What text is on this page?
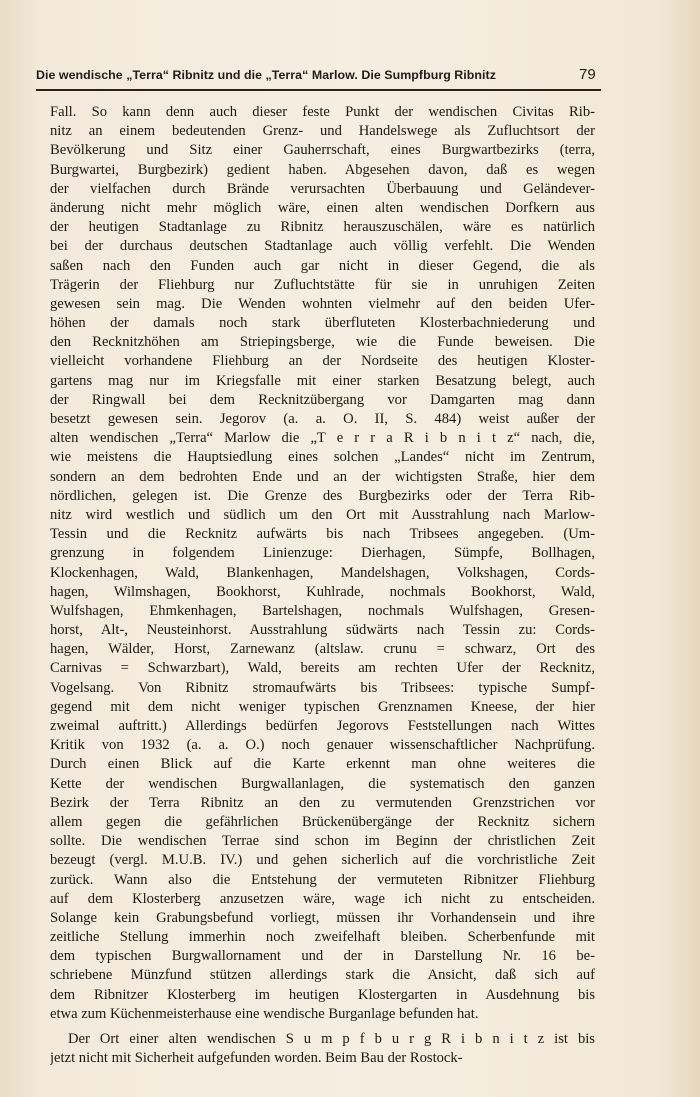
Die wendische „Terra“ Ribnitz und die „Terra“ Marlow. Die Sumpfburg Ribnitz	79
Fall. So kann denn auch dieser feste Punkt der wendischen Civitas Rib-
nitz an einem bedeutenden Grenz- und Handelswege als Zufluchtsort der
Bevölkerung und Sitz einer Gauherrschaft, eines Burgwartbezirks (terra,
Burgwartei, Burgbezirk) gedient haben. Abgesehen davon, daß es wegen
der vielfachen durch Brände verursachten Überbauung und Geländever-
änderung nicht mehr möglich wäre, einen alten wendischen Dorfkern aus
der heutigen Stadtanlage zu Ribnitz herauszuschälen, wäre es natürlich
bei der durchaus deutschen Stadtanlage auch völlig verfehlt. Die Wenden
saßen nach den Funden auch gar nicht in dieser Gegend, die als
Trägerin der Fliehburg nur Zufluchtstätte für sie in unruhigen Zeiten
gewesen sein mag. Die Wenden wohnten vielmehr auf den beiden Ufer-
höhen der damals noch stark überfluteten Klosterbachniederung und
den Recknitzhöhen am Striepingsberge, wie die Funde beweisen. Die
vielleicht vorhandene Fliehburg an der Nordseite des heutigen Kloster-
gartens mag nur im Kriegsfalle mit einer starken Besatzung belegt, auch
der Ringwall bei dem Recknitzübergang vor Damgarten mag dann
besetzt gewesen sein. Jegorov (a. a. O. II, S. 484) weist außer der
alten wendischen „Terra“ Marlow die „T e r r a R i b n i t z“ nach, die,
wie meistens die Hauptsiedlung eines solchen „Landes“ nicht im Zentrum,
sondern an dem bedrohten Ende und an der wichtigsten Straße, hier dem
nördlichen, gelegen ist. Die Grenze des Burgbezirks oder der Terra Rib-
nitz wird westlich und südlich um den Ort mit Ausstrahlung nach Marlow-
Tessin und die Recknitz aufwärts bis nach Tribsees angegeben. (Um-
grenzung in folgendem Linienzuge: Dierhagen, Sümpfe, Bollhagen,
Klockenhagen, Wald, Blankenhagen, Mandelshagen, Volkshagen, Cords-
hagen, Wilmshagen, Bookhorst, Kuhlrade, nochmals Bookhorst, Wald,
Wulfshagen, Ehmkenhagen, Bartelshagen, nochmals Wulfshagen, Gresen-
horst, Alt-, Neusteinhorst. Ausstrahlung südwärts nach Tessin zu: Cords-
hagen, Wälder, Horst, Zarnewanz (altslaw. crunu = schwarz, Ort des
Carnivas = Schwarzbart), Wald, bereits am rechten Ufer der Recknitz,
Vogelsang. Von Ribnitz stromaufwärts bis Tribsees: typische Sumpf-
gegend mit dem nicht weniger typischen Grenznamen Kneese, der hier
zweimal auftritt.) Allerdings bedürfen Jegorovs Feststellungen nach Wittes
Kritik von 1932 (a. a. O.) noch genauer wissenschaftlicher Nachprüfung.
Durch einen Blick auf die Karte erkennt man ohne weiteres die
Kette der wendischen Burgwallanlagen, die systematisch den ganzen
Bezirk der Terra Ribnitz an den zu vermutenden Grenzstrichen vor
allem gegen die gefährlichen Brückenübergänge der Recknitz sichern
sollte. Die wendischen Terrae sind schon im Beginn der christlichen Zeit
bezeugt (vergl. M.U.B. IV.) und gehen sicherlich auf die vorchristliche Zeit
zurück. Wann also die Entstehung der vermuteten Ribnitzer Fliehburg
auf dem Klosterberg anzusetzen wäre, wage ich nicht zu entscheiden.
Solange kein Grabungsbefund vorliegt, müssen ihr Vorhandensein und ihre
zeitliche Stellung immerhin noch zweifelhaft bleiben. Scherbenfunde mit
dem typischen Burgwallornament und der in Darstellung Nr. 16 be-
schriebene Münzfund stützen allerdings stark die Ansicht, daß sich auf
dem Ribnitzer Klosterberg im heutigen Klostergarten in Ausdehnung bis
etwa zum Küchenmeisterhause eine wendische Burganlage befunden hat.
Der Ort einer alten wendischen S u m p f b u r g R i b n i t z ist bis
jetzt nicht mit Sicherheit aufgefunden worden. Beim Bau der Rostock-
